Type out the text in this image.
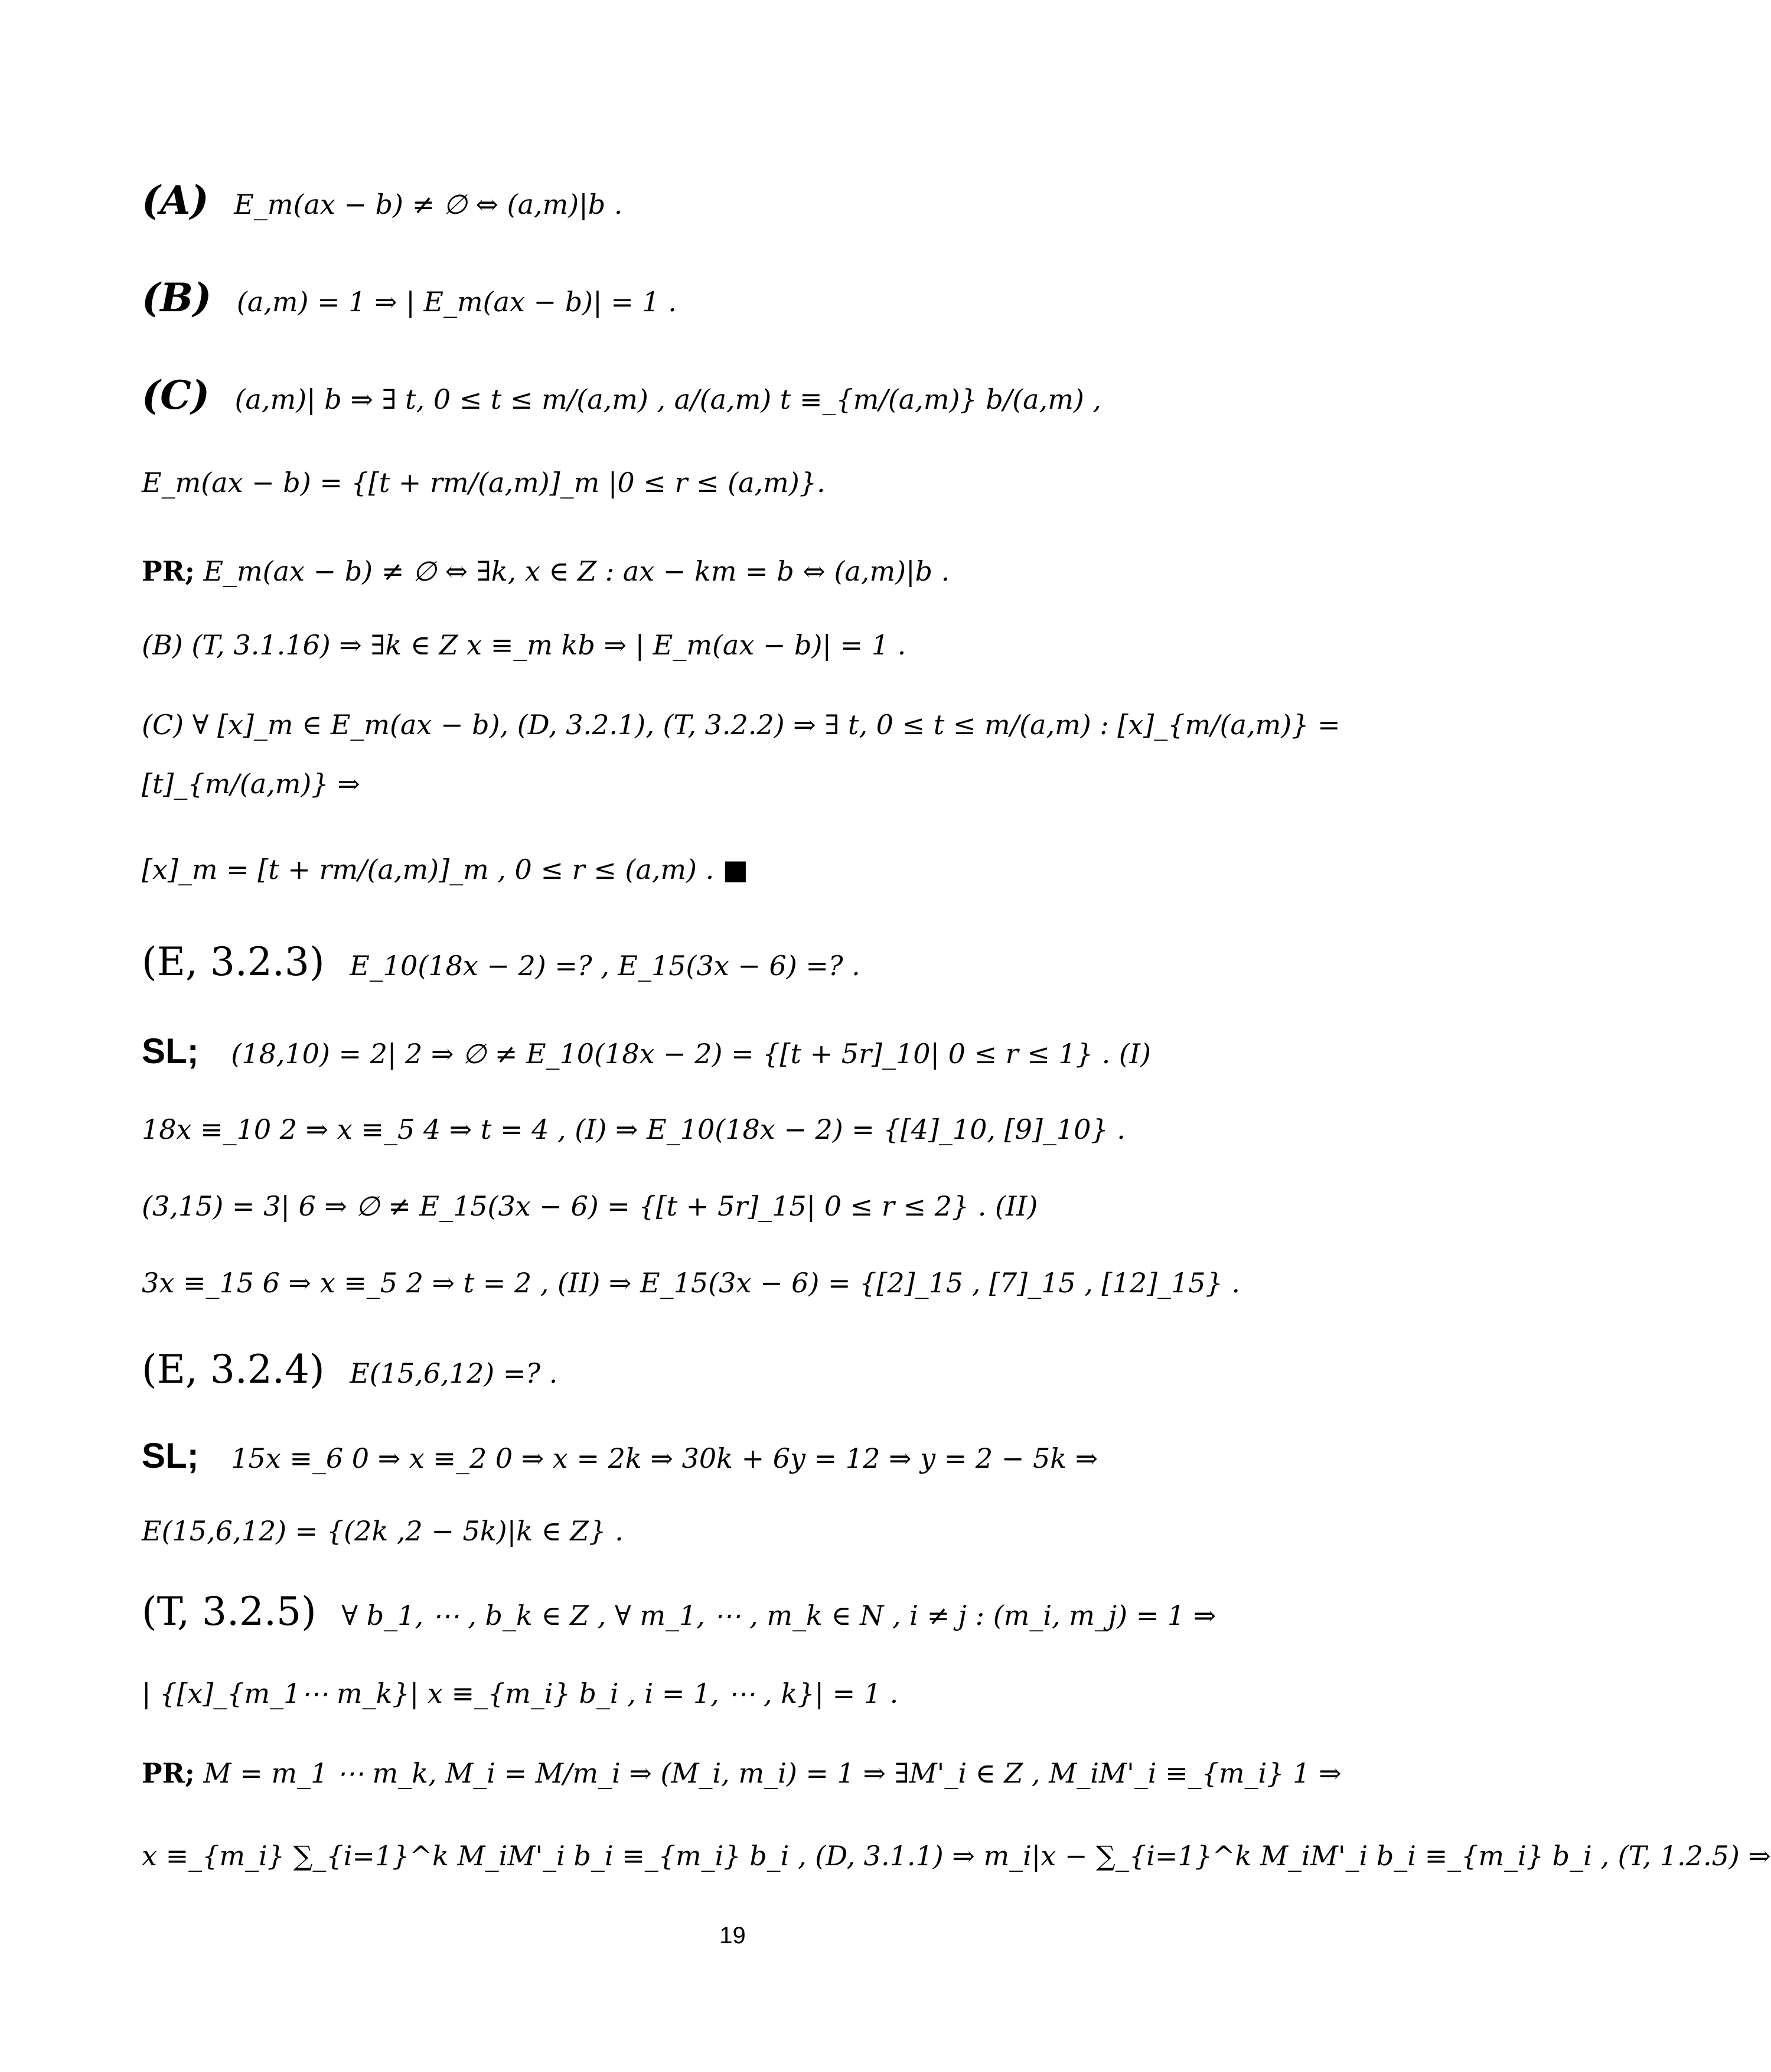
(A) E_m(ax − b) ≠ ∅ ⇔ (a,m)|b .
(B) (a,m) = 1 ⇒ | E_m(ax − b)| = 1 .
(C) (a,m)| b ⇒ ∃ t, 0 ≤ t ≤ m/(a,m) , a/(a,m) t ≡_{m/(a,m)} b/(a,m) ,
E_m(ax − b) = {[t + rm/(a,m)]_m |0 ≤ r ≤ (a,m)}.
PR; E_m(ax − b) ≠ ∅ ⇔ ∃k, x ∈ Z : ax − km = b ⇔ (a,m)|b .
(B) (T, 3.1.16) ⇒ ∃k ∈ Z x ≡_m kb ⇒ | E_m(ax − b)| = 1 .
(C) ∀ [x]_m ∈ E_m(ax − b), (D, 3.2.1), (T, 3.2.2) ⇒ ∃ t, 0 ≤ t ≤ m/(a,m) : [x]_{m/(a,m)} =
[t]_{m/(a,m)} ⇒
[x]_m = [t + rm/(a,m)]_m , 0 ≤ r ≤ (a,m) . ■
(E, 3.2.3) E_10(18x − 2) =? , E_15(3x − 6) =? .
SL; (18,10) = 2| 2 ⇒ ∅ ≠ E_10(18x − 2) = {[t + 5r]_10| 0 ≤ r ≤ 1} . (I)
18x ≡_10 2 ⇒ x ≡_5 4 ⇒ t = 4 , (I) ⇒ E_10(18x − 2) = {[4]_10, [9]_10} .
(3,15) = 3| 6 ⇒ ∅ ≠ E_15(3x − 6) = {[t + 5r]_15| 0 ≤ r ≤ 2} . (II)
3x ≡_15 6 ⇒ x ≡_5 2 ⇒ t = 2 , (II) ⇒ E_15(3x − 6) = {[2]_15 , [7]_15 , [12]_15} .
(E, 3.2.4) E(15,6,12) =? .
SL; 15x ≡_6 0 ⇒ x ≡_2 0 ⇒ x = 2k ⇒ 30k + 6y = 12 ⇒ y = 2 − 5k ⇒
E(15,6,12) = {(2k ,2 − 5k)|k ∈ Z} .
(T, 3.2.5) ∀ b_1, ⋯ , b_k ∈ Z , ∀ m_1, ⋯ , m_k ∈ N , i ≠ j : (m_i, m_j) = 1 ⇒
| {[x]_{m_1⋯ m_k}| x ≡_{m_i} b_i , i = 1, ⋯ , k}| = 1 .
PR; M = m_1 ⋯ m_k, M_i = M/m_i ⇒ (M_i, m_i) = 1 ⇒ ∃M'_i ∈ Z , M_iM'_i ≡_{m_i} 1 ⇒
x ≡_{m_i} ∑_{i=1}^k M_iM'_i b_i ≡_{m_i} b_i , (D, 3.1.1) ⇒ m_i|x − ∑_{i=1}^k M_iM'_i b_i ≡_{m_i} b_i , (T, 1.2.5) ⇒
19
